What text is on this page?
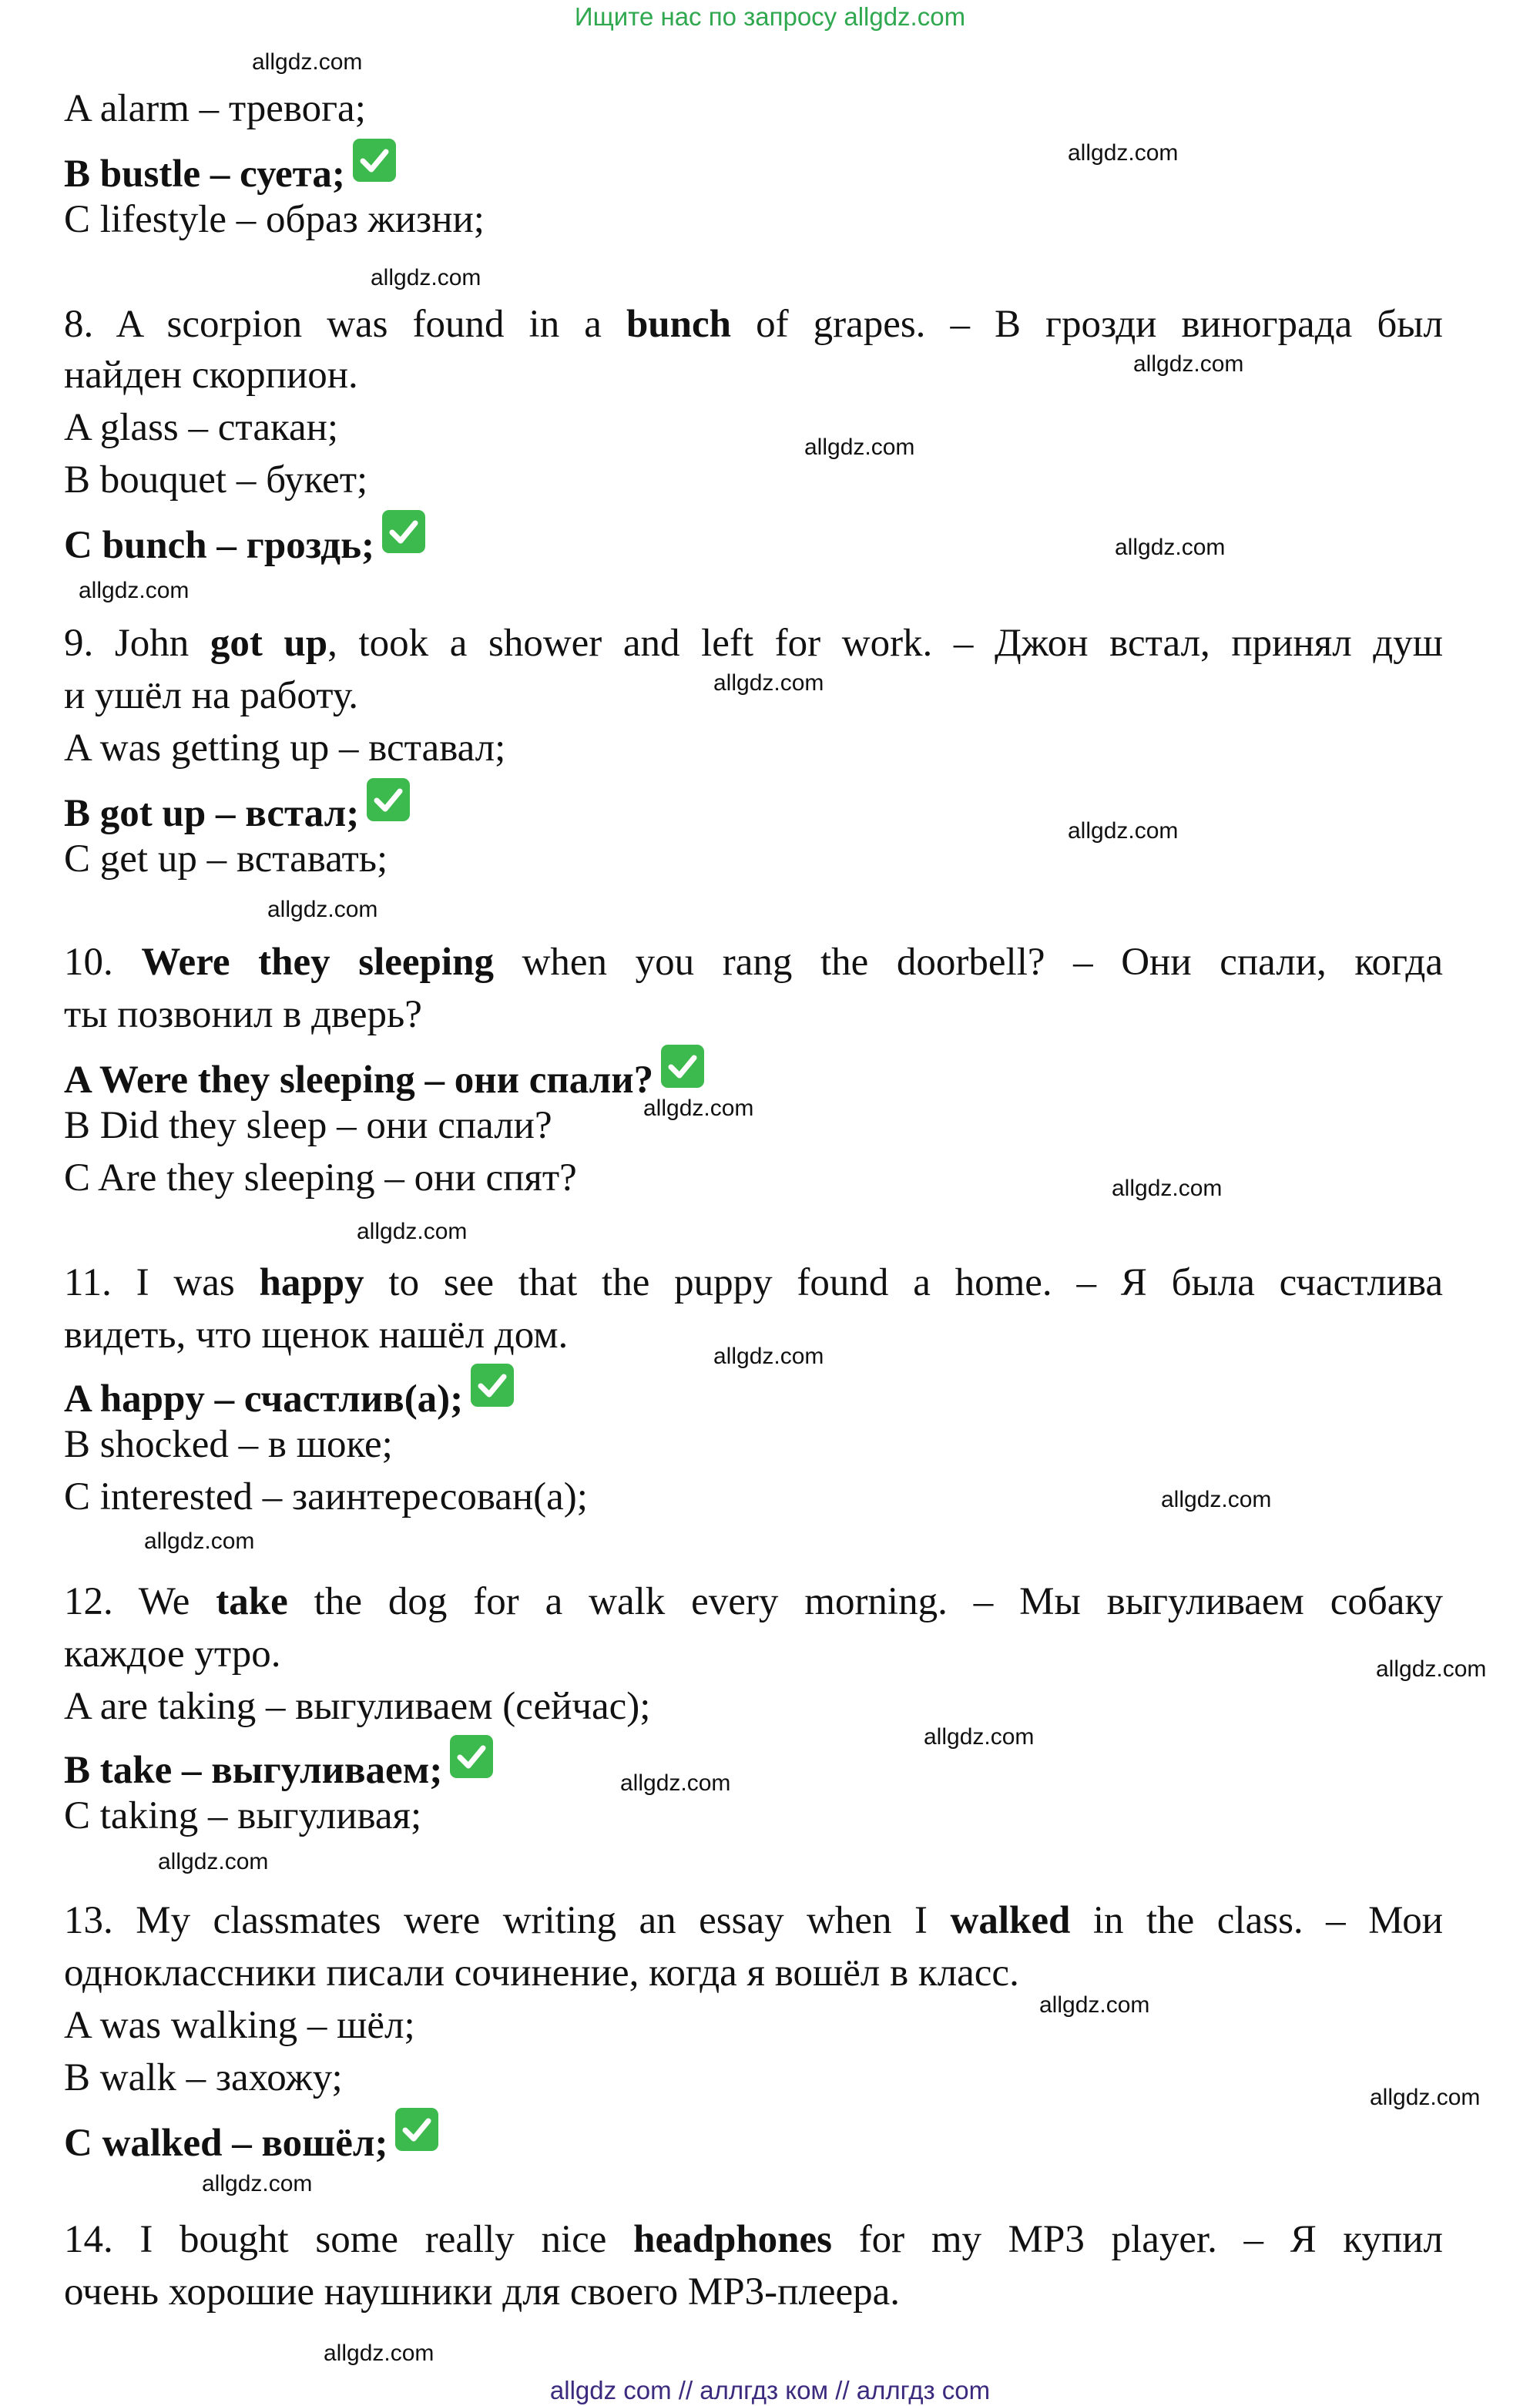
Ищите нас по запросу allgdz.com
allgdz.com
allgdz.com
allgdz.com
allgdz.com
allgdz.com
allgdz.com
allgdz.com
allgdz.com
allgdz.com
allgdz.com
allgdz.com
allgdz.com
allgdz.com
allgdz.com
allgdz.com
allgdz.com
allgdz.com
allgdz.com
allgdz.com
allgdz.com
allgdz.com
allgdz.com
allgdz.com
allgdz.com
A alarm – тревога;
B bustle – суета;
C lifestyle – образ жизни;
8. A scorpion was found in a bunch of grapes. – В грозди винограда был
найден скорпион.
A glass – стакан;
B bouquet – букет;
C bunch – гроздь;
9. John got up, took a shower and left for work. – Джон встал, принял душ
и ушёл на работу.
A was getting up – вставал;
B got up – встал;
C get up – вставать;
10. Were they sleeping when you rang the doorbell? – Они спали, когда
ты позвонил в дверь?
A Were they sleeping – они спали?
B Did they sleep – они спали?
C Are they sleeping – они спят?
11. I was happy to see that the puppy found a home. – Я была счастлива
видеть, что щенок нашёл дом.
A happy – счастлив(а);
B shocked – в шоке;
C interested – заинтересован(а);
12. We take the dog for a walk every morning. – Мы выгуливаем собаку
каждое утро.
A are taking – выгуливаем (сейчас);
B take – выгуливаем;
C taking – выгуливая;
13. My classmates were writing an essay when I walked in the class. – Мои
одноклассники писали сочинение, когда я вошёл в класс.
A was walking – шёл;
B walk – захожу;
C walked – вошёл;
14. I bought some really nice headphones for my MP3 player. – Я купил
очень хорошие наушники для своего MP3-плеера.
allgdz com // аллгдз ком // аллгдз com
